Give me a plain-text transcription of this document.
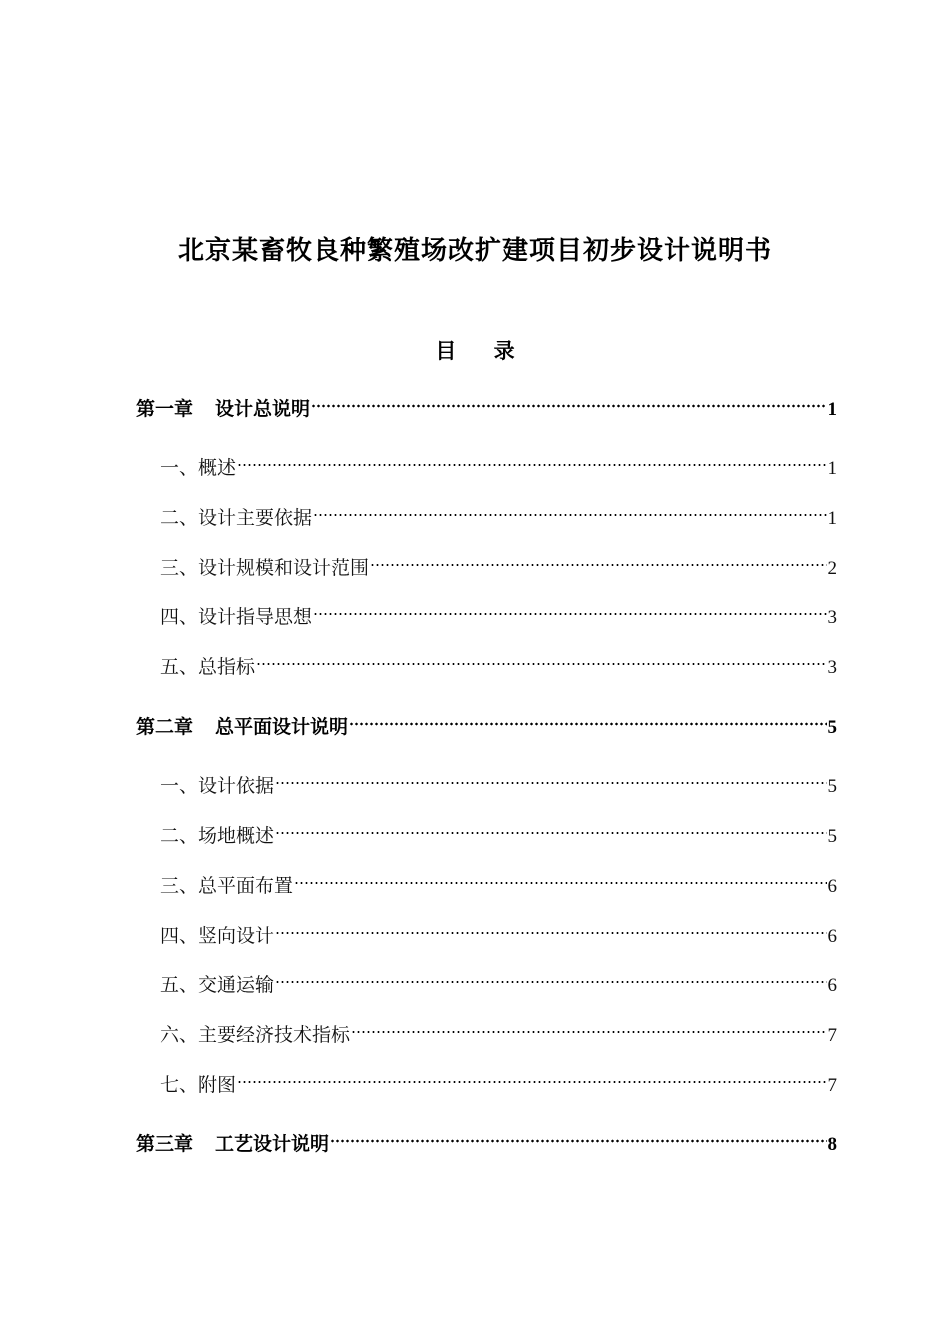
北京某畜牧良种繁殖场改扩建项目初步设计说明书
目 录
第一章 设计总说明	1
一、概述	1
二、设计主要依据	1
三、设计规模和设计范围	2
四、设计指导思想	3
五、总指标	3
第二章 总平面设计说明	5
一、设计依据	5
二、场地概述	5
三、总平面布置	6
四、竖向设计	6
五、交通运输	6
六、主要经济技术指标	7
七、附图	7
第三章 工艺设计说明	8
